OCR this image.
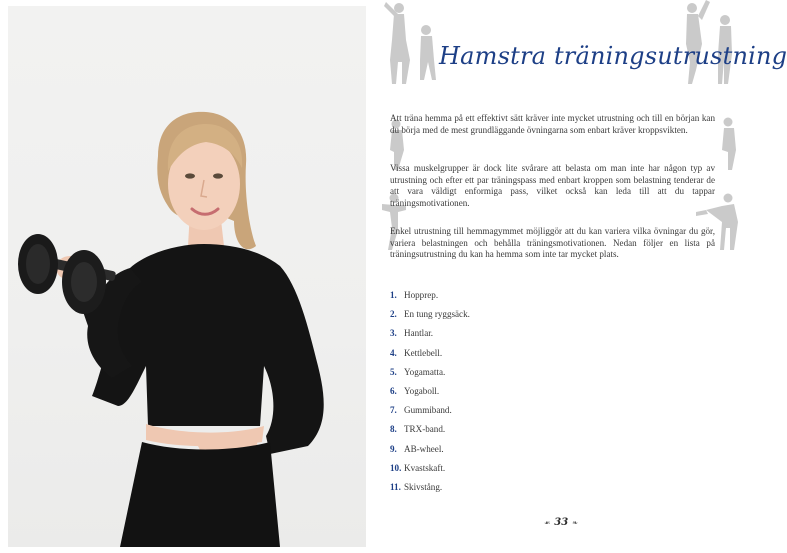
Hamstra träningsutrustning

Att träna hemma på ett effektivt sätt kräver inte mycket utrustning och till en början kan du börja med de mest grundläggande övningarna som enbart kräver kroppsvikten.

Vissa muskelgrupper är dock lite svårare att belasta om man inte har någon typ av utrustning och efter ett par träningspass med enbart kroppen som belastning tenderar de att vara väldigt enformiga pass, vilket också kan leda till att du tappar träningsmotivationen.

Enkel utrustning till hemmagymmet möjliggör att du kan variera vilka övningar du gör, variera belastningen och behålla träningsmotivationen. Nedan följer en lista på träningsutrustning du kan ha hemma som inte tar mycket plats.

1. Hopprep.
2. En tung ryggsäck.
3. Hantlar.
4. Kettlebell.
5. Yogamatta.
6. Yogaboll.
7. Gummiband.
8. TRX-band.
9. AB-wheel.
10. Kvastskaft.
11. Skivstång.
☙ 33 ❧
